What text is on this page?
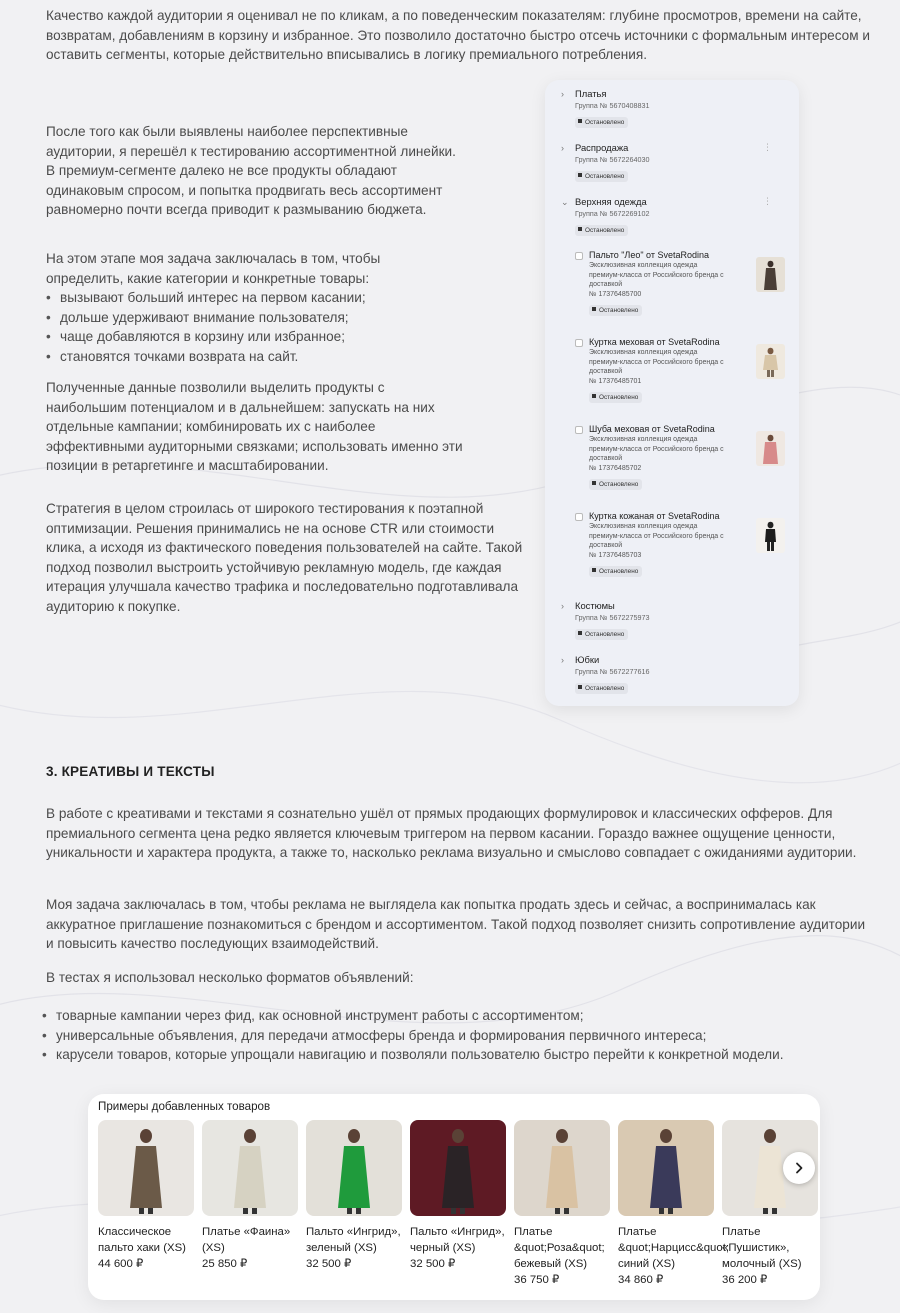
Качество каждой аудитории я оценивал не по кликам, а по поведенческим показателям: глубине просмотров, времени на сайте, возвратам, добавлениям в корзину и избранное. Это позволило достаточно быстро отсечь источники с формальным интересом и оставить сегменты, которые действительно вписывались в логику премиального потребления.

После того как были выявлены наиболее перспективные аудитории, я перешёл к тестированию ассортиментной линейки. В премиум-сегменте далеко не все продукты обладают одинаковым спросом, и попытка продвигать весь ассортимент равномерно почти всегда приводит к размыванию бюджета.

На этом этапе моя задача заключалась в том, чтобы определить, какие категории и конкретные товары:

• вызывают больший интерес на первом касании;
• дольше удерживают внимание пользователя;
• чаще добавляются в корзину или избранное;
• становятся точками возврата на сайт.

Полученные данные позволили выделить продукты с наибольшим потенциалом и в дальнейшем: запускать на них отдельные кампании; комбинировать их с наиболее эффективными аудиторными связками; использовать именно эти позиции в ретаргетинге и масштабировании.

Стратегия в целом строилась от широкого тестирования к поэтапной оптимизации. Решения принимались не на основе CTR или стоимости клика, а исходя из фактического поведения пользователей на сайте. Такой подход позволил выстроить устойчивую рекламную модель, где каждая итерация улучшала качество трафика и последовательно подготавливала аудиторию к покупке.

› Платья
Группа № 5670408831
Остановлено
›	⋮
Распродажа
Группа № 5672264030
Остановлено
⌄	⋮
Верхняя одежда
Группа № 5672269102
Остановлено
Пальто "Лео" от SvetaRodina
Эксклюзивная коллекция одежда премиум-класса от Российского бренда с доставкой
№ 17376485700
Остановлено
Куртка меховая от SvetaRodina
Эксклюзивная коллекция одежда премиум-класса от Российского бренда с доставкой
№ 17376485701
Остановлено
Шуба меховая от SvetaRodina
Эксклюзивная коллекция одежда премиум-класса от Российского бренда с доставкой
№ 17376485702
Остановлено
Куртка кожаная от SvetaRodina
Эксклюзивная коллекция одежда премиум-класса от Российского бренда с доставкой
№ 17376485703
Остановлено
› Костюмы
Группа № 5672275973
Остановлено
› Юбки
Группа № 5672277616
Остановлено
3. КРЕАТИВЫ И ТЕКСТЫ

В работе с креативами и текстами я сознательно ушёл от прямых продающих формулировок и классических офферов. Для премиального сегмента цена редко является ключевым триггером на первом касании. Гораздо важнее ощущение ценности, уникальности и характера продукта, а также то, насколько реклама визуально и смыслово совпадает с ожиданиями аудитории.

Моя задача заключалась в том, чтобы реклама не выглядела как попытка продать здесь и сейчас, а воспринималась как аккуратное приглашение познакомиться с брендом и ассортиментом. Такой подход позволяет снизить сопротивление аудитории и повысить качество последующих взаимодействий.

В тестах я использовал несколько форматов объявлений:

• товарные кампании через фид, как основной инструмент работы с ассортиментом;
• универсальные объявления, для передачи атмосферы бренда и формирования первичного интереса;
• карусели товаров, которые упрощали навигацию и позволяли пользователю быстро перейти к конкретной модели.
Примеры добавленных товаров
Классическое пальто хаки (XS)
44 600 ₽
Платье «Фаина» (XS)
25 850 ₽
Пальто «Ингрид», зеленый (XS)
32 500 ₽
Пальто «Ингрид», черный (XS)
32 500 ₽
Платье &quot;Роза&quot; бежевый (XS)
36 750 ₽
Платье &quot;Нарцисс&quot; синий (XS)
34 860 ₽
Платье «Пушистик», молочный (XS)
36 200 ₽
